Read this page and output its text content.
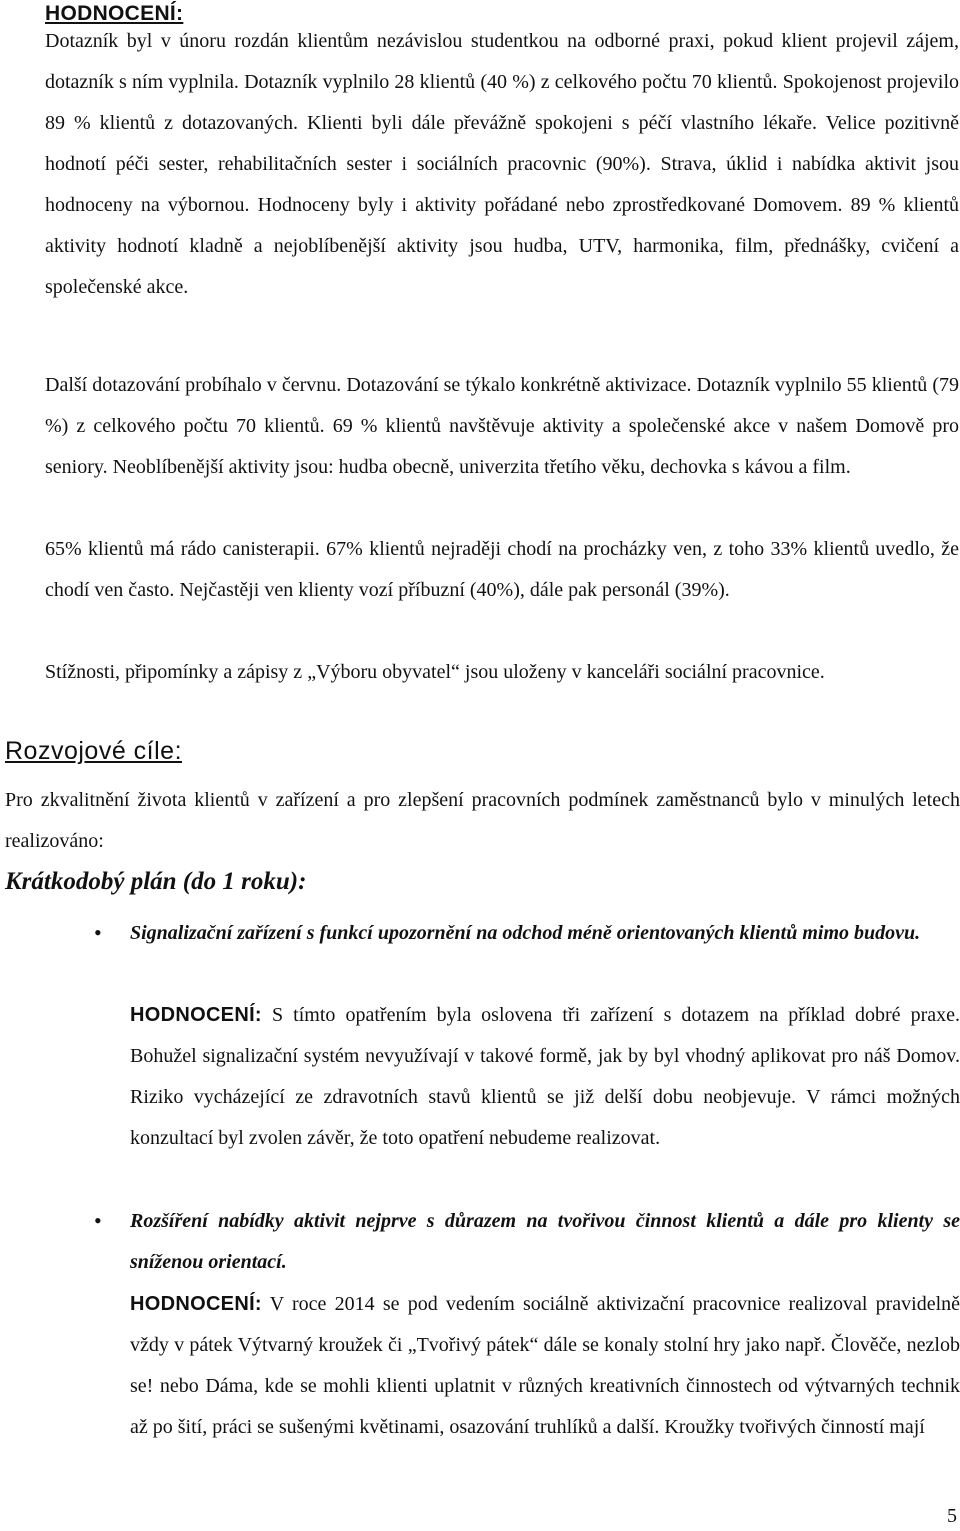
HODNOCENÍ:

Dotazník byl v únoru rozdán klientům nezávislou studentkou na odborné praxi, pokud klient projevil zájem, dotazník s ním vyplnila. Dotazník vyplnilo 28 klientů (40 %) z celkového počtu 70 klientů. Spokojenost projevilo 89 % klientů z dotazovaných. Klienti byli dále převážně spokojeni s péčí vlastního lékaře. Velice pozitivně hodnotí péči sester, rehabilitačních sester i sociálních pracovnic (90%). Strava, úklid i nabídka aktivit jsou hodnoceny na výbornou. Hodnoceny byly i aktivity pořádané nebo zprostředkované Domovem. 89 % klientů aktivity hodnotí kladně a nejoblíbenější aktivity jsou hudba, UTV, harmonika, film, přednášky, cvičení a společenské akce.

Další dotazování probíhalo v červnu. Dotazování se týkalo konkrétně aktivizace. Dotazník vyplnilo 55 klientů (79 %) z celkového počtu 70 klientů. 69 % klientů navštěvuje aktivity a společenské akce v našem Domově pro seniory. Neoblíbenější aktivity jsou: hudba obecně, univerzita třetího věku, dechovka s kávou a film.

65% klientů má rádo canisterapii. 67% klientů nejraději chodí na procházky ven, z toho 33% klientů uvedlo, že chodí ven často. Nejčastěji ven klienty vozí příbuzní (40%), dále pak personál (39%).

Stížnosti, připomínky a zápisy z „Výboru obyvatel“ jsou uloženy v kanceláři sociální pracovnice.

Rozvojové cíle:

Pro zkvalitnění života klientů v zařízení a pro zlepšení pracovních podmínek zaměstnanců bylo v minulých letech realizováno:

Krátkodobý plán (do 1 roku):
• Signalizační zařízení s funkcí upozornění na odchod méně orientovaných klientů mimo budovu.

HODNOCENÍ: S tímto opatřením byla oslovena tři zařízení s dotazem na příklad dobré praxe. Bohužel signalizační systém nevyužívají v takové formě, jak by byl vhodný aplikovat pro náš Domov. Riziko vycházející ze zdravotních stavů klientů se již delší dobu neobjevuje. V rámci možných konzultací byl zvolen závěr, že toto opatření nebudeme realizovat.

• Rozšíření nabídky aktivit nejprve s důrazem na tvořivou činnost klientů a dále pro klienty se sníženou orientací.

HODNOCENÍ: V roce 2014 se pod vedením sociálně aktivizační pracovnice realizoval pravidelně vždy v pátek Výtvarný kroužek či „Tvořivý pátek“ dále se konaly stolní hry jako např. Člověče, nezlob se! nebo Dáma, kde se mohli klienti uplatnit v různých kreativních činnostech od výtvarných technik až po šití, práci se sušenými květinami, osazování truhlíků a další. Kroužky tvořivých činností mají

5
